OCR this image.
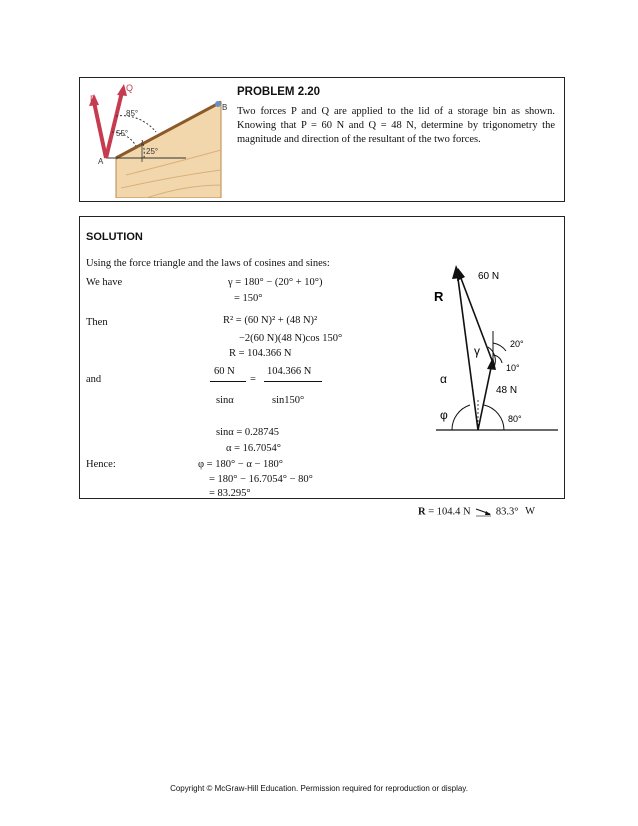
Q
P
B
A
85°
55°
25°
PROBLEM 2.20
Two forces P and Q are applied to the lid of a storage bin as shown. Knowing that P = 60 N and Q = 48 N, determine by trigonometry the magnitude and direction of the resultant of the two forces.
SOLUTION
Using the force triangle and the laws of cosines and sines:
We have	γ = 180° − (20° + 10°)
= 150°
Then	R² = (60 N)² + (48 N)²
−2(60 N)(48 N)cos 150°
R = 104.366 N
and
60 N
=
104.366 N
sinα	sin150°
sinα = 0.28745
α = 16.7054°
Hence:	φ = 180° − α − 180°
= 180° − 16.7054° − 80°
= 83.295°
R
60 N
48 N
γ
α
φ
20°
10°
80°
R = 104.4 N 83.3° W
Copyright © McGraw-Hill Education. Permission required for reproduction or display.
